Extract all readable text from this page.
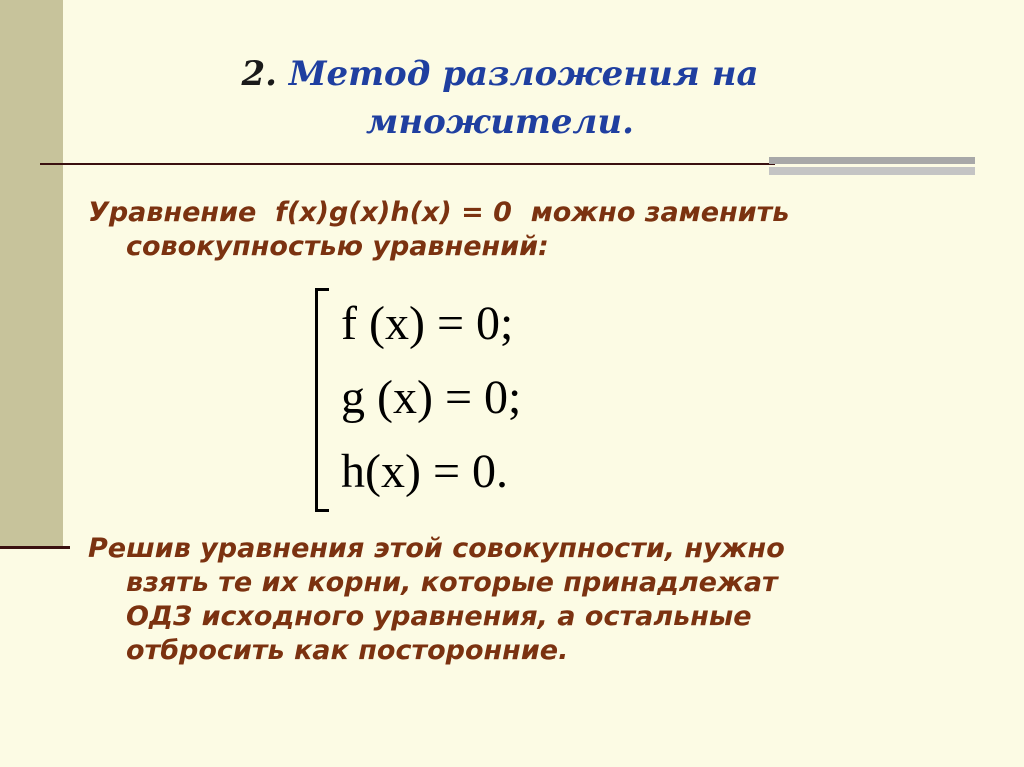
2. Метод разложения на
множители.
Уравнение  f(x)g(x)h(x) = 0  можно заменить
совокупностью уравнений:
f (x) = 0;
g (x) = 0;
h(x) = 0.
Решив уравнения этой совокупности, нужно
взять те их корни, которые принадлежат
ОДЗ исходного уравнения, а остальные
отбросить как посторонние.
